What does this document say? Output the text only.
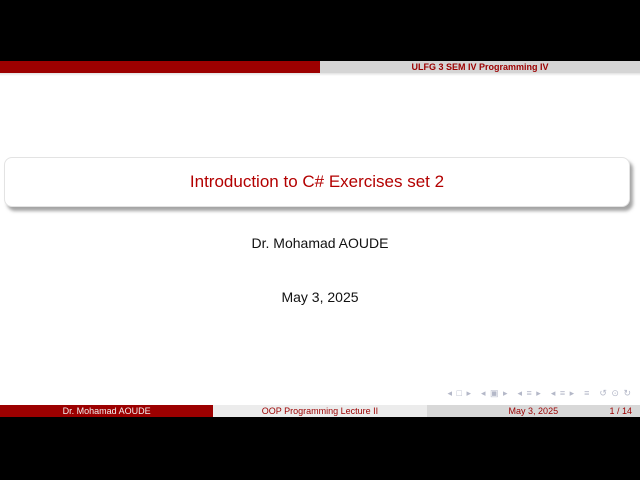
ULFG 3 SEM IV Programming IV
Introduction to C# Exercises set 2
Dr. Mohamad AOUDE
May 3, 2025
◂ □ ▸ ◂ ▣ ▸ ◂ ≡ ▸ ◂ ≡ ▸ ≡ ↺ ⊙ ↻
Dr. Mohamad AOUDE	OOP Programming Lecture II	May 3, 2025	1 / 14
